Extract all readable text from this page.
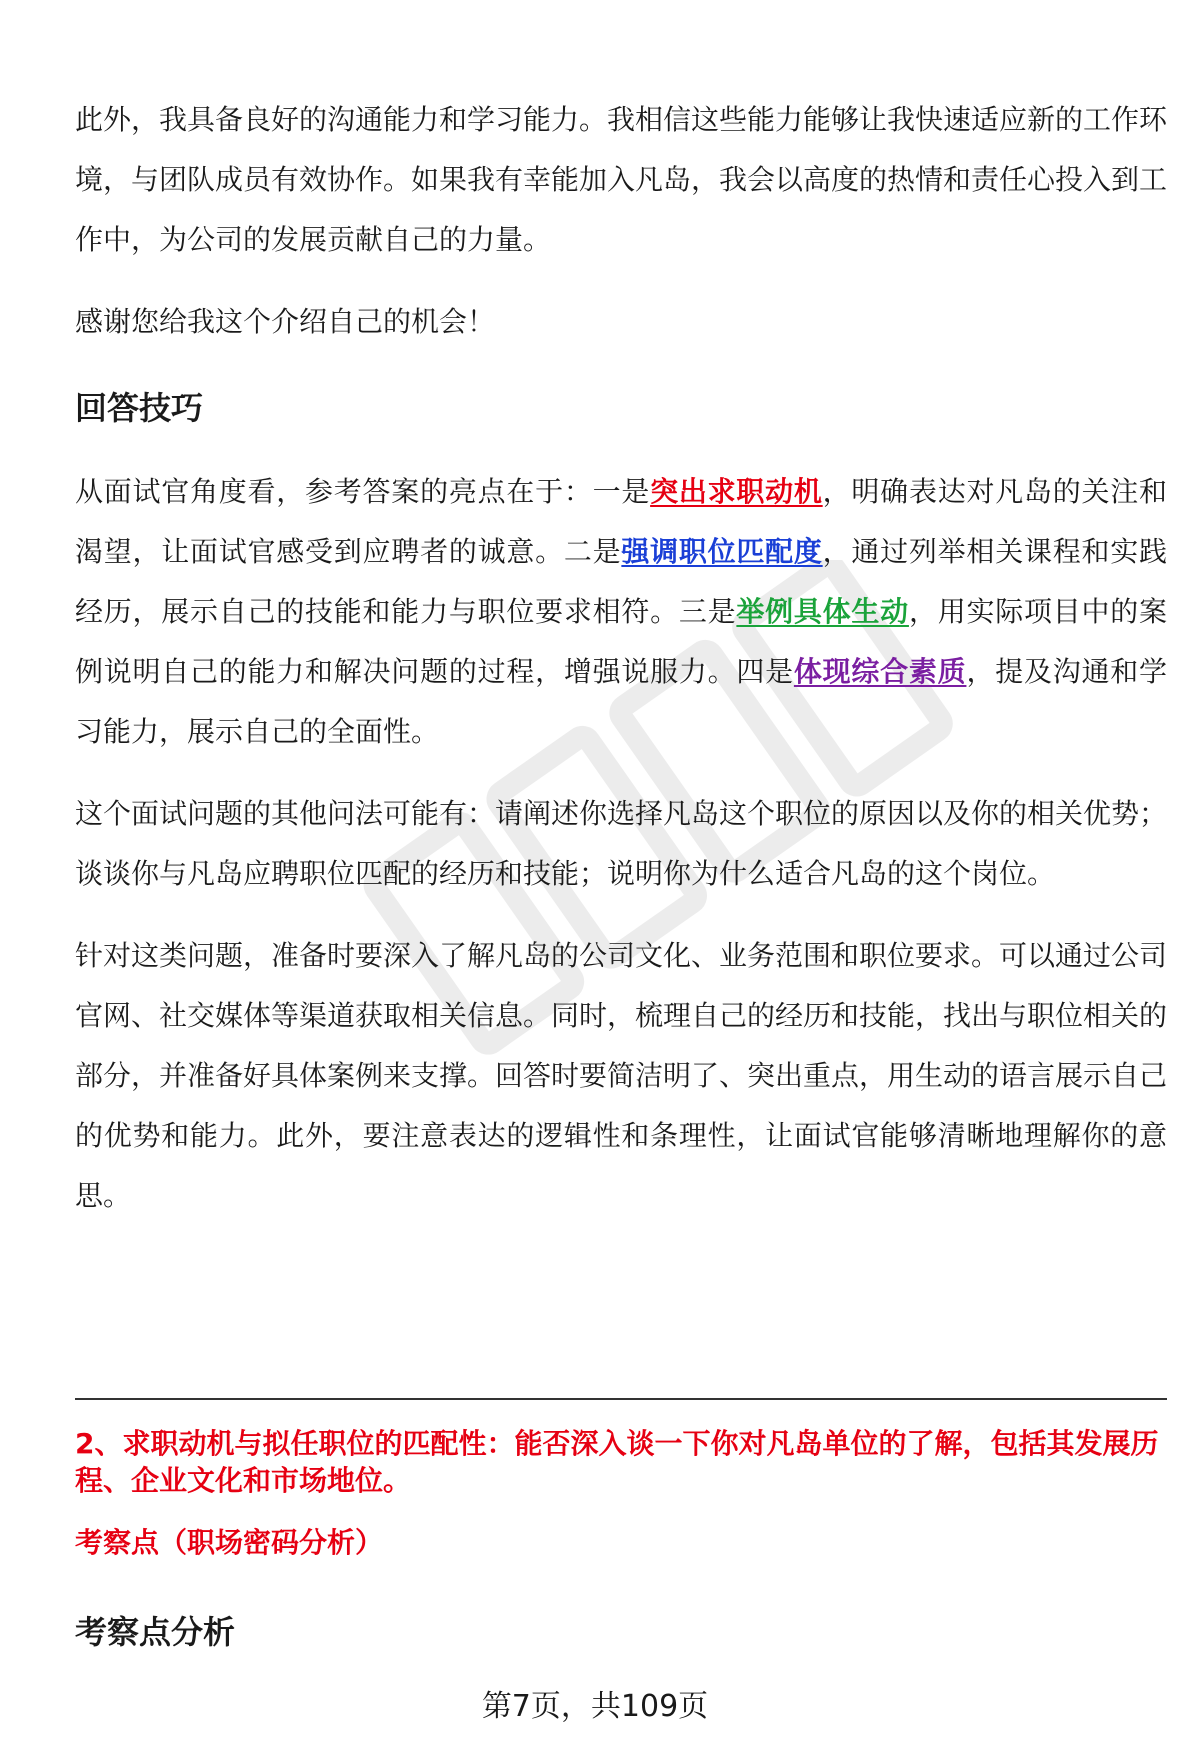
此外，我具备良好的沟通能力和学习能力。我相信这些能力能够让我快速适应新的工作环境，与团队成员有效协作。如果我有幸能加入凡岛，我会以高度的热情和责任心投入到工作中，为公司的发展贡献自己的力量。

感谢您给我这个介绍自己的机会！

回答技巧

从面试官角度看，参考答案的亮点在于：一是突出求职动机，明确表达对凡岛的关注和渴望，让面试官感受到应聘者的诚意。二是强调职位匹配度，通过列举相关课程和实践经历，展示自己的技能和能力与职位要求相符。三是举例具体生动，用实际项目中的案例说明自己的能力和解决问题的过程，增强说服力。四是体现综合素质，提及沟通和学习能力，展示自己的全面性。

这个面试问题的其他问法可能有：请阐述你选择凡岛这个职位的原因以及你的相关优势；谈谈你与凡岛应聘职位匹配的经历和技能；说明你为什么适合凡岛的这个岗位。

针对这类问题，准备时要深入了解凡岛的公司文化、业务范围和职位要求。可以通过公司官网、社交媒体等渠道获取相关信息。同时，梳理自己的经历和技能，找出与职位相关的部分，并准备好具体案例来支撑。回答时要简洁明了、突出重点，用生动的语言展示自己的优势和能力。此外，要注意表达的逻辑性和条理性，让面试官能够清晰地理解你的意思。

2、求职动机与拟任职位的匹配性：能否深入谈一下你对凡岛单位的了解，包括其发展历程、企业文化和市场地位。

考察点（职场密码分析）

考察点分析

第7页，共109页
